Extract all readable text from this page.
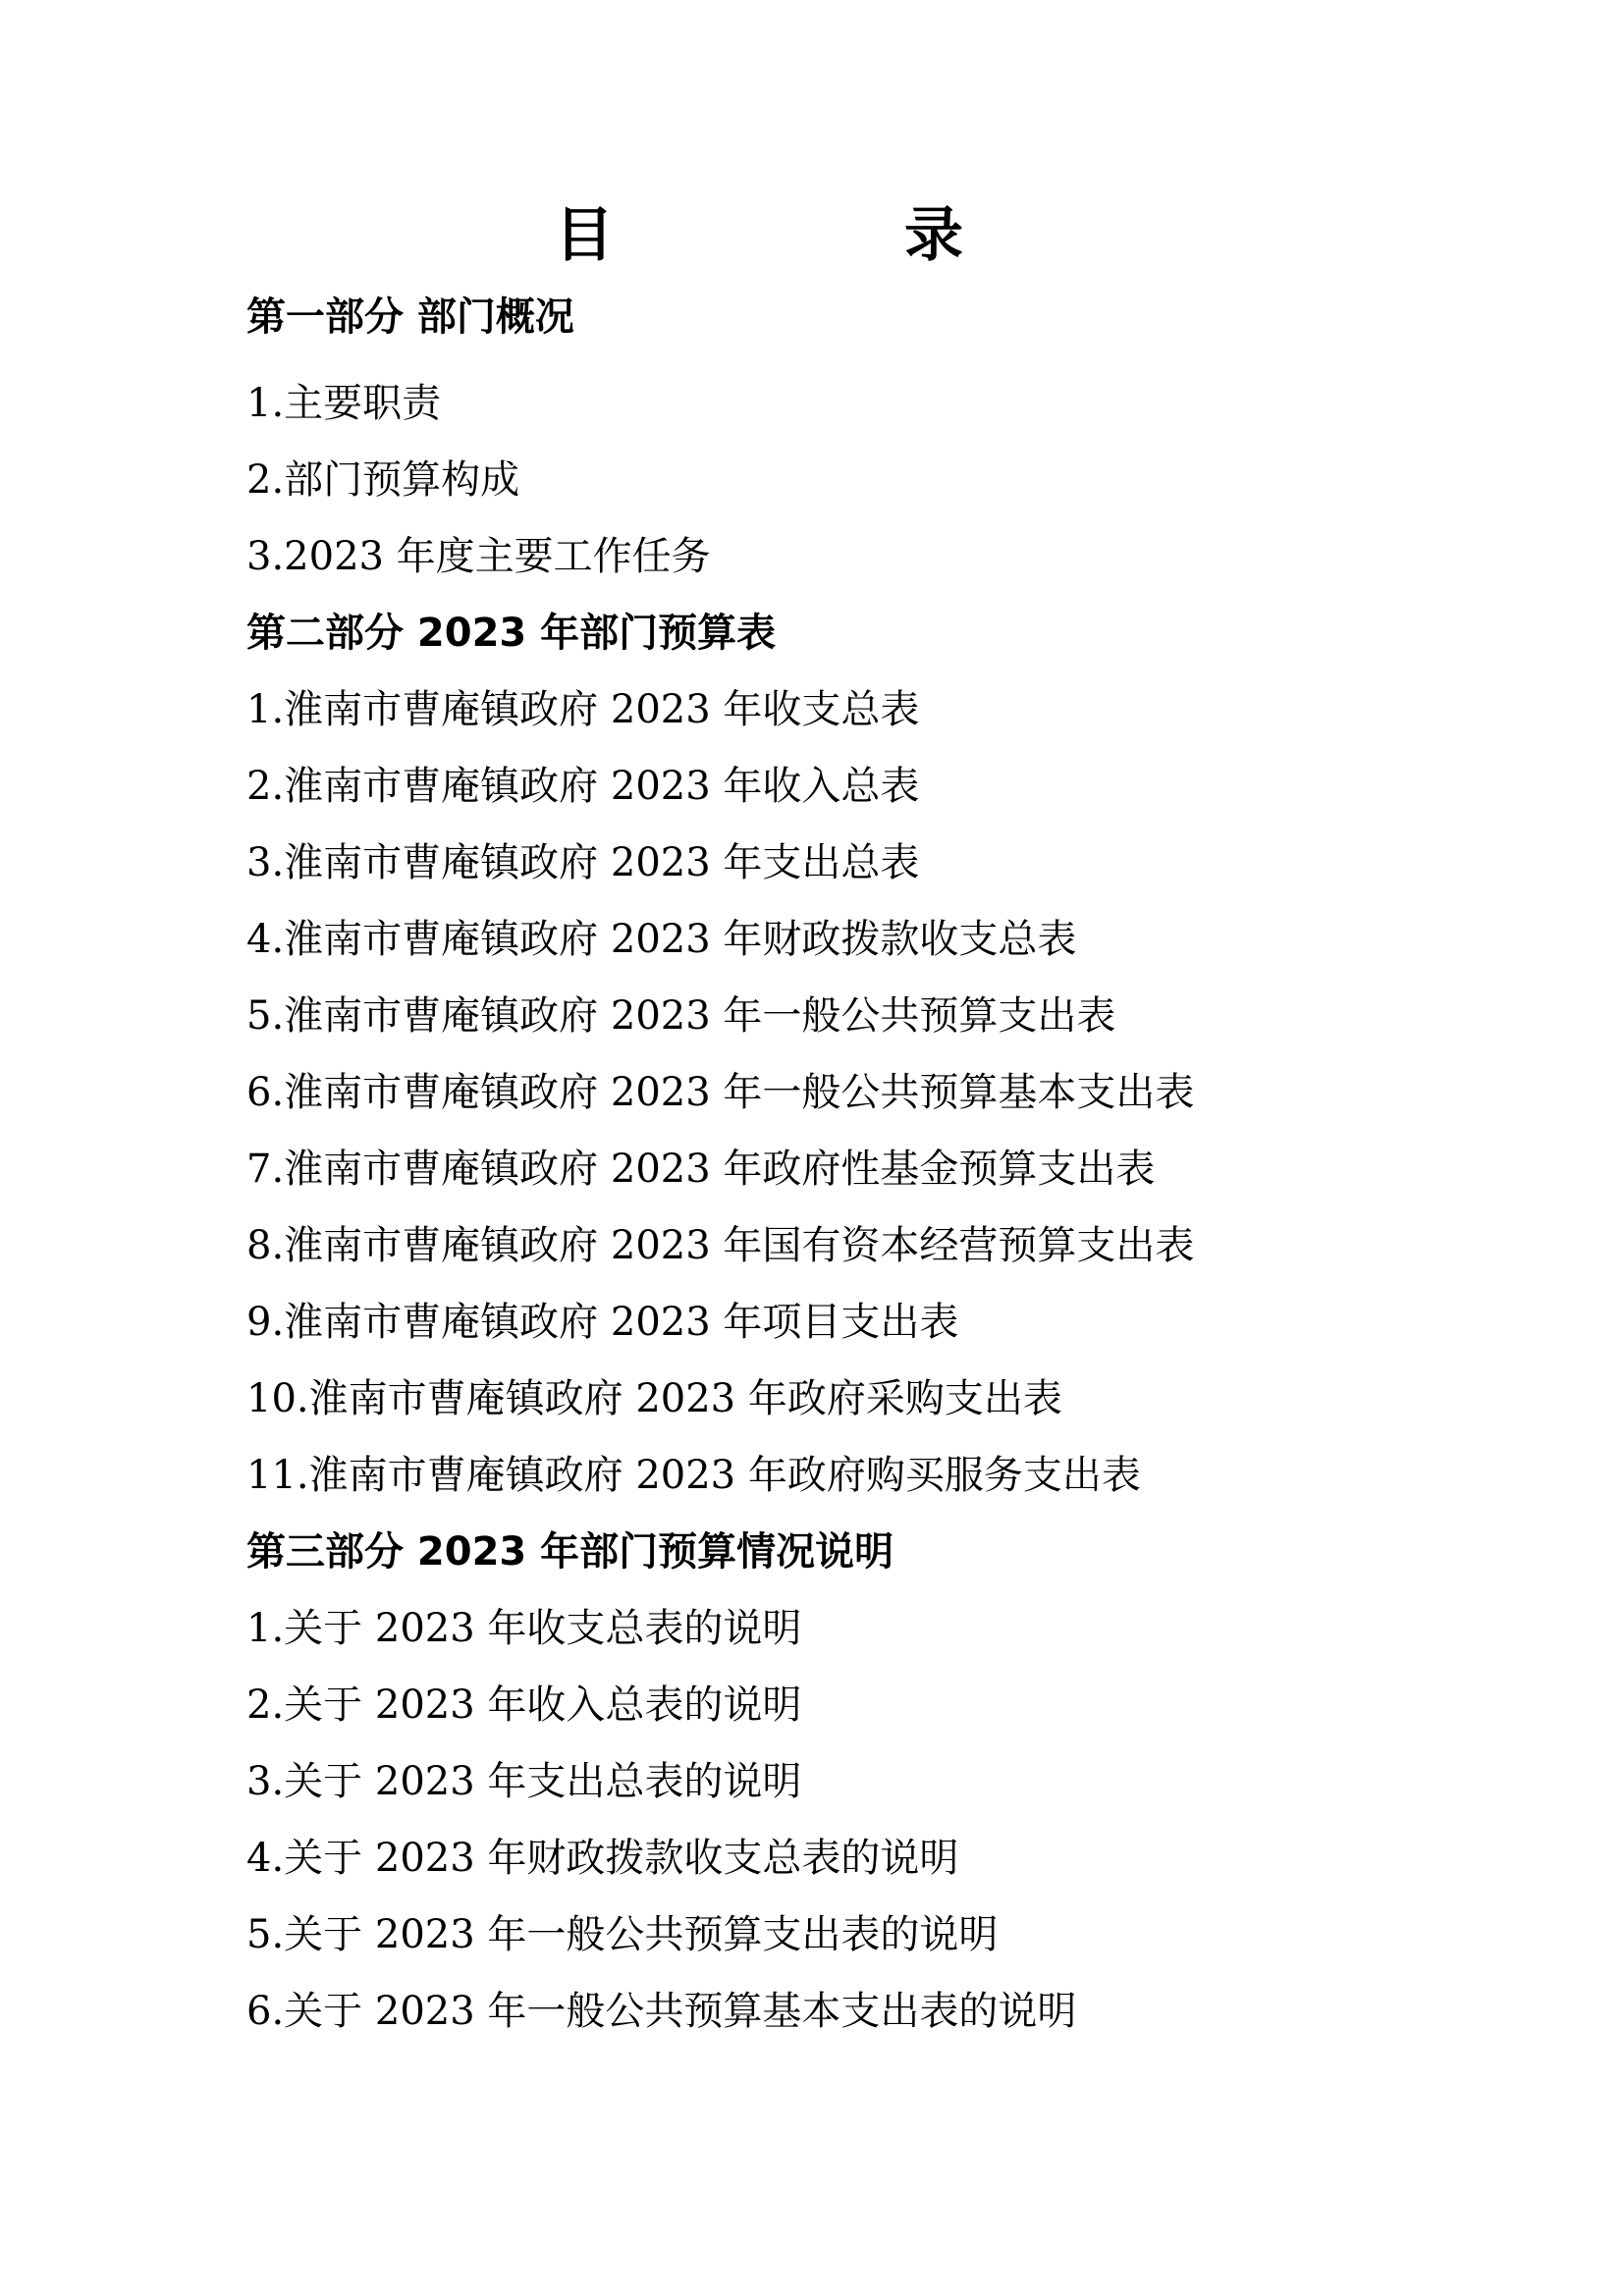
目　录
第一部分 部门概况
1.主要职责
2.部门预算构成
3.2023 年度主要工作任务
第二部分 2023 年部门预算表
1.淮南市曹庵镇政府 2023 年收支总表
2.淮南市曹庵镇政府 2023 年收入总表
3.淮南市曹庵镇政府 2023 年支出总表
4.淮南市曹庵镇政府 2023 年财政拨款收支总表
5.淮南市曹庵镇政府 2023 年一般公共预算支出表
6.淮南市曹庵镇政府 2023 年一般公共预算基本支出表
7.淮南市曹庵镇政府 2023 年政府性基金预算支出表
8.淮南市曹庵镇政府 2023 年国有资本经营预算支出表
9.淮南市曹庵镇政府 2023 年项目支出表
10.淮南市曹庵镇政府 2023 年政府采购支出表
11.淮南市曹庵镇政府 2023 年政府购买服务支出表
第三部分 2023 年部门预算情况说明
1.关于 2023 年收支总表的说明
2.关于 2023 年收入总表的说明
3.关于 2023 年支出总表的说明
4.关于 2023 年财政拨款收支总表的说明
5.关于 2023 年一般公共预算支出表的说明
6.关于 2023 年一般公共预算基本支出表的说明
